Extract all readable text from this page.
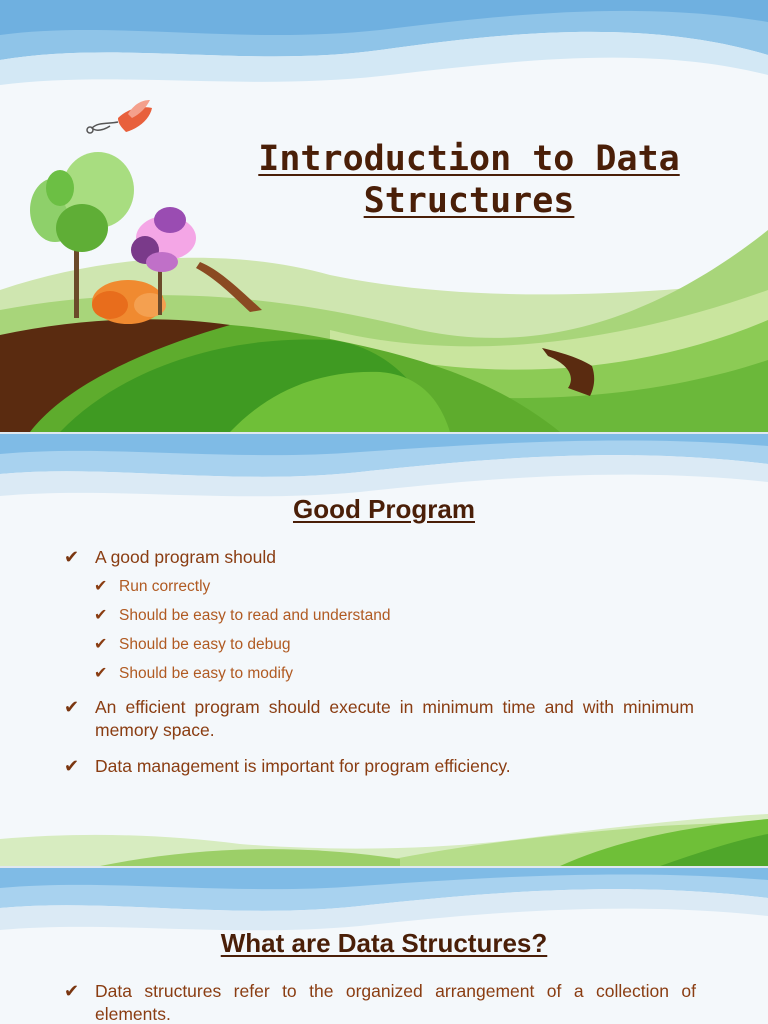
Introduction to Data Structures
Good Program
✔ A good program should
✔ Run correctly
✔ Should be easy to read and understand
✔ Should be easy to debug
✔ Should be easy to modify
✔ An efficient program should execute in minimum time and with minimum memory space.
✔ Data management is important for program efficiency.
What are Data Structures?
✔ Data structures refer to the organized arrangement of a collection of elements.
